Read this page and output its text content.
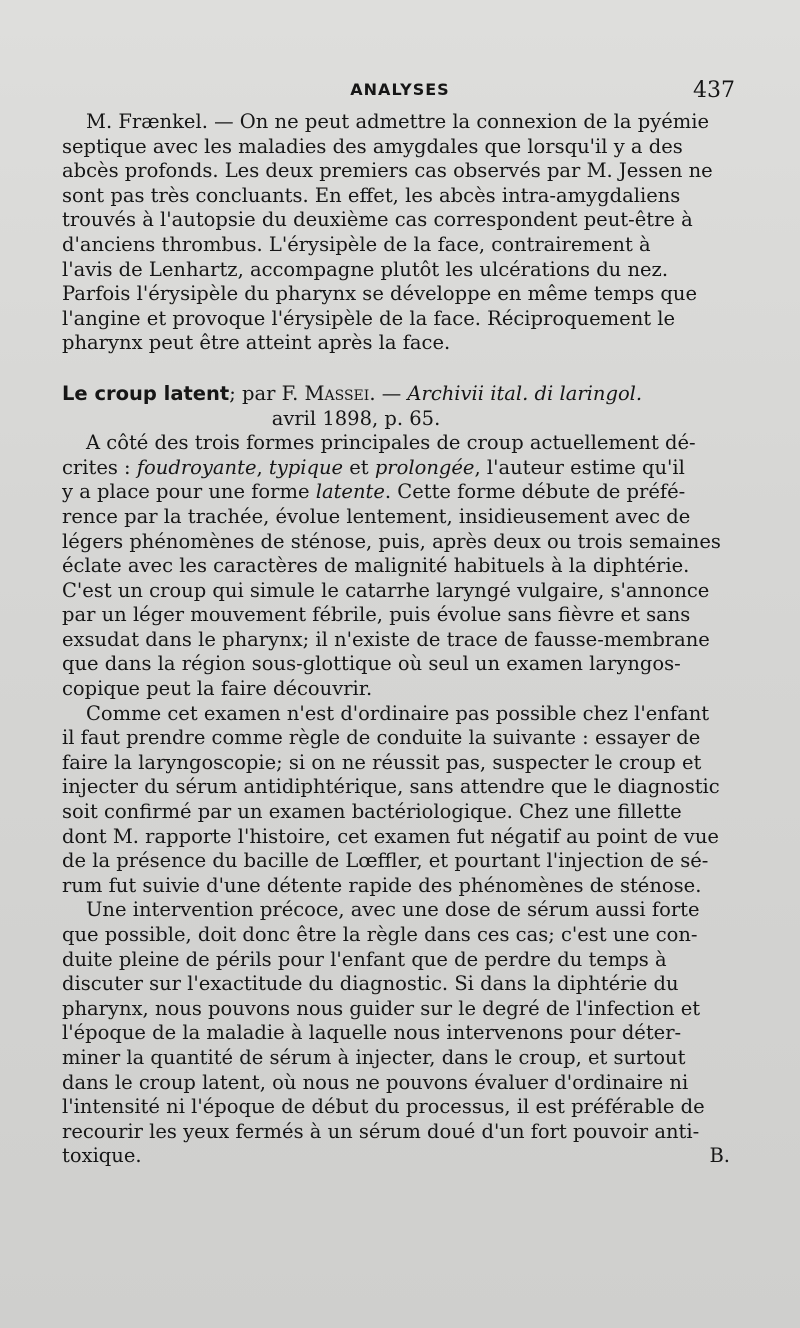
ANALYSES	437

M. Frænkel. — On ne peut admettre la connexion de la pyémie

septique avec les maladies des amygdales que lorsqu'il y a des

abcès profonds. Les deux premiers cas observés par M. Jessen ne

sont pas très concluants. En effet, les abcès intra-amygdaliens

trouvés à l'autopsie du deuxième cas correspondent peut-être à

d'anciens thrombus. L'érysipèle de la face, contrairement à

l'avis de Lenhartz, accompagne plutôt les ulcérations du nez.

Parfois l'érysipèle du pharynx se développe en même temps que

l'angine et provoque l'érysipèle de la face. Réciproquement le

pharynx peut être atteint après la face.

Le croup latent; par F. Massei. — Archivii ital. di laringol.

avril 1898, p. 65.

A côté des trois formes principales de croup actuellement dé-

crites : foudroyante, typique et prolongée, l'auteur estime qu'il

y a place pour une forme latente. Cette forme débute de préfé-

rence par la trachée, évolue lentement, insidieusement avec de

légers phénomènes de sténose, puis, après deux ou trois semaines

éclate avec les caractères de malignité habituels à la diphtérie.

C'est un croup qui simule le catarrhe laryngé vulgaire, s'annonce

par un léger mouvement fébrile, puis évolue sans fièvre et sans

exsudat dans le pharynx; il n'existe de trace de fausse-membrane

que dans la région sous-glottique où seul un examen laryngos-

copique peut la faire découvrir.

Comme cet examen n'est d'ordinaire pas possible chez l'enfant

il faut prendre comme règle de conduite la suivante : essayer de

faire la laryngoscopie; si on ne réussit pas, suspecter le croup et

injecter du sérum antidiphtérique, sans attendre que le diagnostic

soit confirmé par un examen bactériologique. Chez une fillette

dont M. rapporte l'histoire, cet examen fut négatif au point de vue

de la présence du bacille de Lœffler, et pourtant l'injection de sé-

rum fut suivie d'une détente rapide des phénomènes de sténose.

Une intervention précoce, avec une dose de sérum aussi forte

que possible, doit donc être la règle dans ces cas; c'est une con-

duite pleine de périls pour l'enfant que de perdre du temps à

discuter sur l'exactitude du diagnostic. Si dans la diphtérie du

pharynx, nous pouvons nous guider sur le degré de l'infection et

l'époque de la maladie à laquelle nous intervenons pour déter-

miner la quantité de sérum à injecter, dans le croup, et surtout

dans le croup latent, où nous ne pouvons évaluer d'ordinaire ni

l'intensité ni l'époque de début du processus, il est préférable de

recourir les yeux fermés à un sérum doué d'un fort pouvoir anti-

toxique.	B.
